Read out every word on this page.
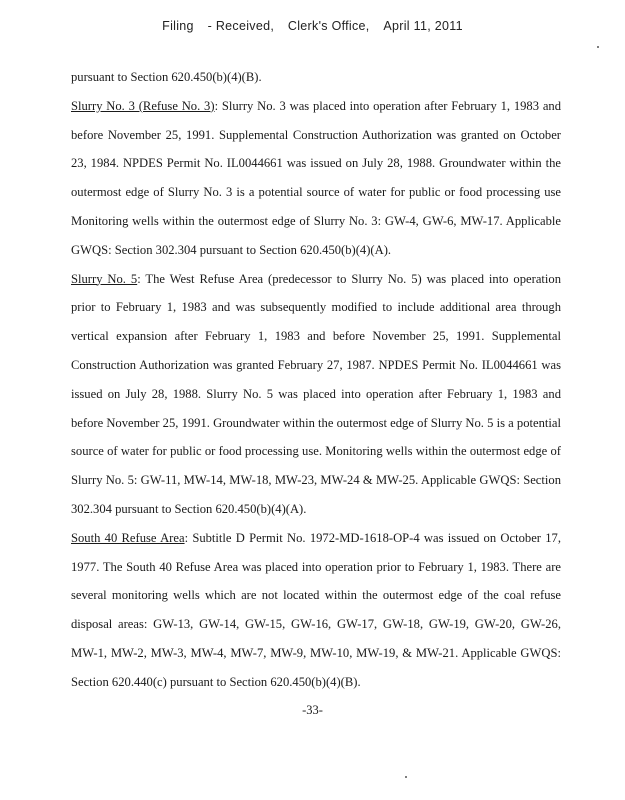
Filing - Received, Clerk's Office, April 11, 2011

pursuant to Section 620.450(b)(4)(B).

Slurry No. 3 (Refuse No. 3): Slurry No. 3 was placed into operation after February 1, 1983 and before November 25, 1991. Supplemental Construction Authorization was granted on October 23, 1984. NPDES Permit No. IL0044661 was issued on July 28, 1988. Groundwater within the outermost edge of Slurry No. 3 is a potential source of water for public or food processing use Monitoring wells within the outermost edge of Slurry No. 3: GW-4, GW-6, MW-17. Applicable GWQS: Section 302.304 pursuant to Section 620.450(b)(4)(A).

Slurry No. 5: The West Refuse Area (predecessor to Slurry No. 5) was placed into operation prior to February 1, 1983 and was subsequently modified to include additional area through vertical expansion after February 1, 1983 and before November 25, 1991. Supplemental Construction Authorization was granted February 27, 1987. NPDES Permit No. IL0044661 was issued on July 28, 1988. Slurry No. 5 was placed into operation after February 1, 1983 and before November 25, 1991. Groundwater within the outermost edge of Slurry No. 5 is a potential source of water for public or food processing use. Monitoring wells within the outermost edge of Slurry No. 5: GW-11, MW-14, MW-18, MW-23, MW-24 & MW-25. Applicable GWQS: Section 302.304 pursuant to Section 620.450(b)(4)(A).

South 40 Refuse Area: Subtitle D Permit No. 1972-MD-1618-OP-4 was issued on October 17, 1977. The South 40 Refuse Area was placed into operation prior to February 1, 1983. There are several monitoring wells which are not located within the outermost edge of the coal refuse disposal areas: GW-13, GW-14, GW-15, GW-16, GW-17, GW-18, GW-19, GW-20, GW-26, MW-1, MW-2, MW-3, MW-4, MW-7, MW-9, MW-10, MW-19, & MW-21. Applicable GWQS: Section 620.440(c) pursuant to Section 620.450(b)(4)(B).

-33-
